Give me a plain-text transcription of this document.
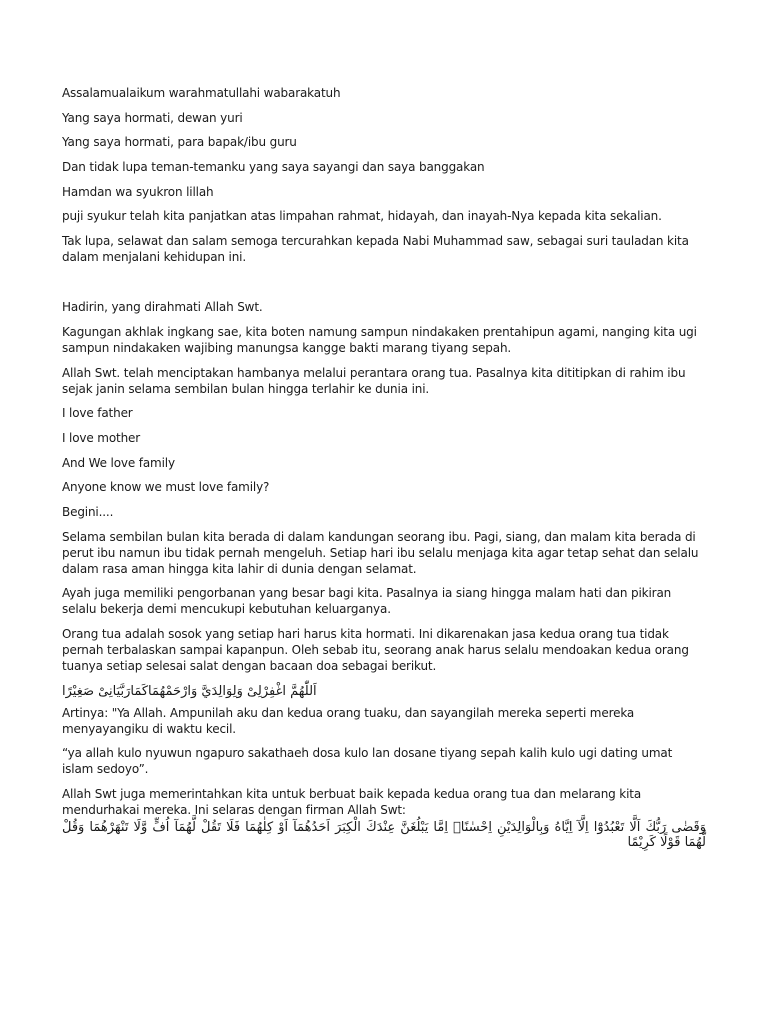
Assalamualaikum warahmatullahi wabarakatuh

Yang saya hormati, dewan yuri

Yang saya hormati, para bapak/ibu guru

Dan tidak lupa teman-temanku yang saya sayangi dan saya banggakan

Hamdan wa syukron lillah

puji syukur telah kita panjatkan atas limpahan rahmat, hidayah, dan inayah-Nya kepada kita sekalian.

Tak lupa, selawat dan salam semoga tercurahkan kepada Nabi Muhammad saw, sebagai suri tauladan kita dalam menjalani kehidupan ini.

Hadirin, yang dirahmati Allah Swt.

Kagungan akhlak ingkang sae, kita boten namung sampun nindakaken prentahipun agami, nanging kita ugi sampun nindakaken wajibing manungsa kangge bakti marang tiyang sepah.

Allah Swt. telah menciptakan hambanya melalui perantara orang tua. Pasalnya kita dititipkan di rahim ibu sejak janin selama sembilan bulan hingga terlahir ke dunia ini.

I love father

I love mother

And We love family

Anyone know we must love family?

Begini....

Selama sembilan bulan kita berada di dalam kandungan seorang ibu. Pagi, siang, dan malam kita berada di perut ibu namun ibu tidak pernah mengeluh. Setiap hari ibu selalu menjaga kita agar tetap sehat dan selalu dalam rasa aman hingga kita lahir di dunia dengan selamat.

Ayah juga memiliki pengorbanan yang besar bagi kita. Pasalnya ia siang hingga malam hati dan pikiran selalu bekerja demi mencukupi kebutuhan keluarganya.

Orang tua adalah sosok yang setiap hari harus kita hormati. Ini dikarenakan jasa kedua orang tua tidak pernah terbalaskan sampai kapanpun. Oleh sebab itu, seorang anak harus selalu mendoakan kedua orang tuanya setiap selesai salat dengan bacaan doa sebagai berikut.

اَللّٰهُمَّ اغْفِرْلِىْ وَلِوَالِدَيَّ وَارْحَمْهُمَاكَمَارَبَّيَانِىْ صَغِيْرًا

Artinya: "Ya Allah. Ampunilah aku dan kedua orang tuaku, dan sayangilah mereka seperti mereka menyayangiku di waktu kecil.

“ya allah kulo nyuwun ngapuro sakathaeh dosa kulo lan dosane tiyang sepah kalih kulo ugi dating umat islam sedoyo”.

Allah Swt juga memerintahkan kita untuk berbuat baik kepada kedua orang tua dan melarang kita mendurhakai mereka. Ini selaras dengan firman Allah Swt:

وَقَضٰى رَبُّكَ اَلَّا تَعْبُدُوْٓا اِلَّآ اِيَّاهُ وَبِالْوَالِدَيْنِ اِحْسٰنًاۗ اِمَّا يَبْلُغَنَّ عِنْدَكَ الْكِبَرَ اَحَدُهُمَآ اَوْ كِلٰهُمَا فَلَا تَقُلْ لَّهُمَآ اُفٍّ وَّلَا تَنْهَرْهُمَا وَقُلْ لَّهُمَا قَوْلًا كَرِيْمًا
